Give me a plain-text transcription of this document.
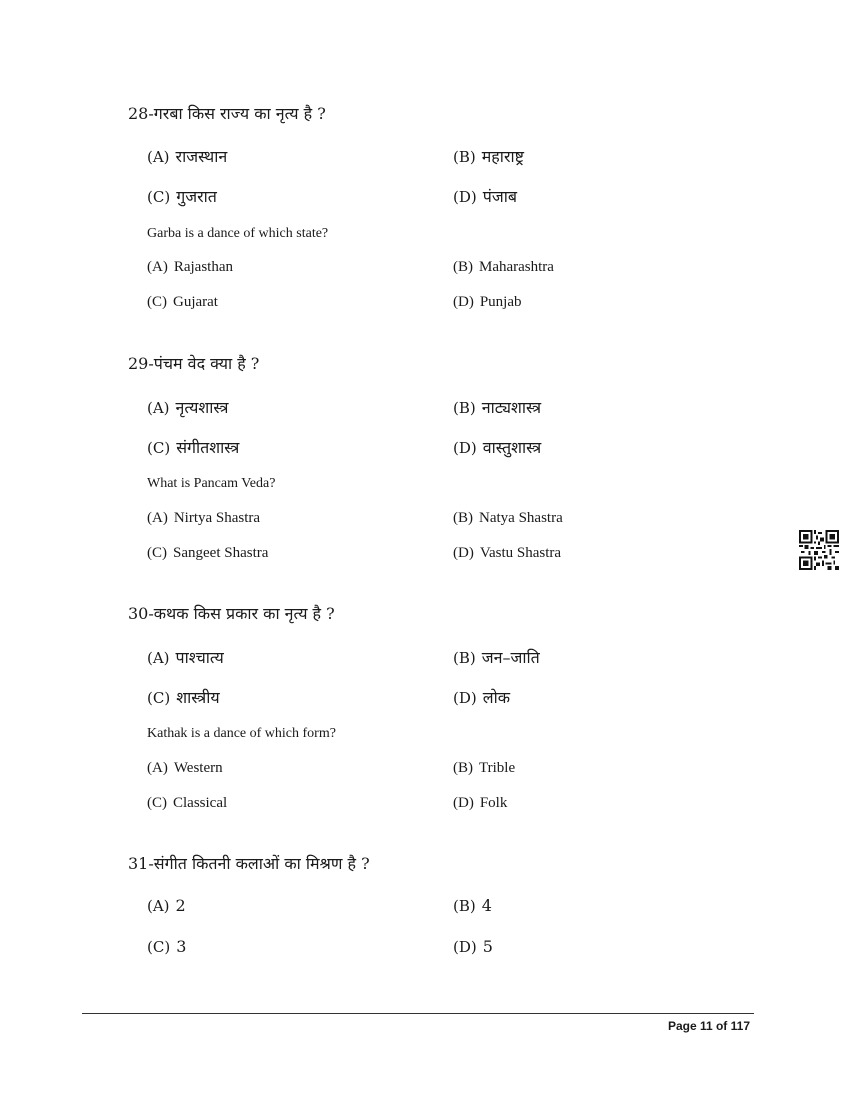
28-गरबा किस राज्य का नृत्य है ?
(A) राजस्थान	(B) महाराष्ट्र
(C) गुजरात	(D) पंजाब
Garba is a dance of which state?
(A) Rajasthan	(B) Maharashtra
(C) Gujarat	(D) Punjab
29-पंचम वेद क्या है ?
(A) नृत्यशास्त्र	(B) नाट्यशास्त्र
(C) संगीतशास्त्र	(D) वास्तुशास्त्र
What is Pancam Veda?
(A) Nirtya Shastra	(B) Natya Shastra
(C) Sangeet Shastra	(D) Vastu Shastra
30-कथक किस प्रकार का नृत्य है ?
(A) पाश्चात्य	(B) जन–जाति
(C) शास्त्रीय	(D) लोक
Kathak is a dance of which form?
(A) Western	(B) Trible
(C) Classical	(D) Folk
31-संगीत कितनी कलाओं का मिश्रण है ?
(A) 2	(B) 4
(C) 3	(D) 5
Page 11 of 117
